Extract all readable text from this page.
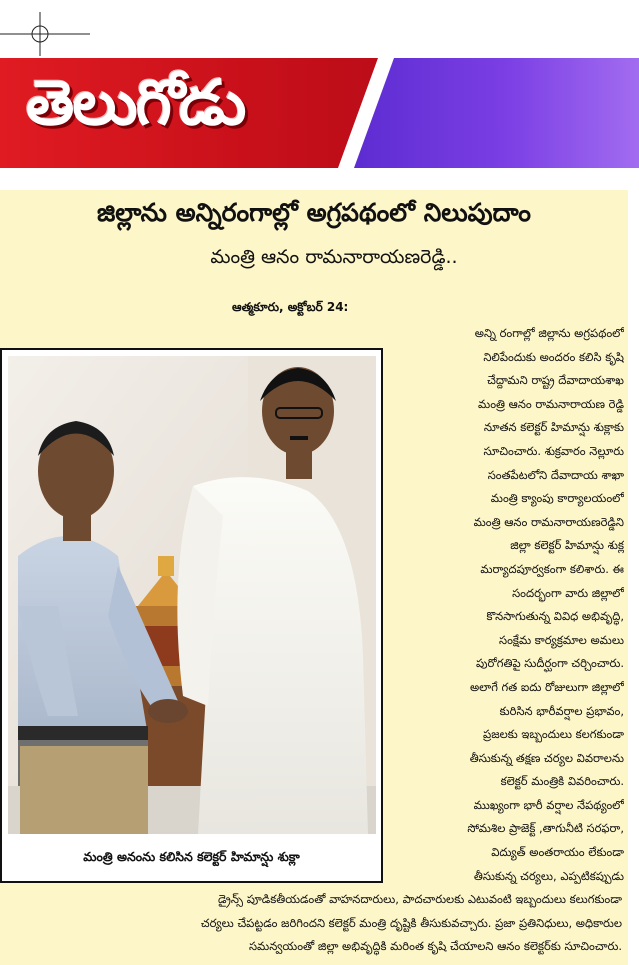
తెలుగోడు
జిల్లాను అన్నిరంగాల్లో అగ్రపథంలో నిలుపుదాం
మంత్రి ఆనం రామనారాయణరెడ్డి..
ఆత్మకూరు, అక్టోబర్ 24:
మంత్రి అనంను కలిసిన కలెక్టర్ హిమాన్షు శుక్లా
అన్ని రంగాల్లో జిల్లాను అగ్రపథంలో
నిలిపేందుకు అందరం కలిసి కృషి
చేద్దామని రాష్ట్ర దేవాదాయశాఖ
మంత్రి ఆనం రామనారాయణ రెడ్డి
నూతన కలెక్టర్ హిమాన్షు శుక్లాకు
సూచించారు. శుక్రవారం నెల్లూరు
సంతపేటలోని దేవాదాయ శాఖా
మంత్రి క్యాంపు కార్యాలయంలో
మంత్రి ఆనం రామనారాయణరెడ్డిని
జిల్లా కలెక్టర్ హిమాన్షు శుక్ల
మర్యాదపూర్వకంగా కలిశారు. ఈ
సందర్భంగా వారు జిల్లాలో
కొనసాగుతున్న వివిధ అభివృద్ధి,
సంక్షేమ కార్యక్రమాల అమలు
పురోగతిపై సుదీర్ఘంగా చర్చించారు.
అలాగే గత ఐదు రోజులుగా జిల్లాలో
కురిసిన భారీవర్షాల ప్రభావం,
ప్రజలకు ఇబ్బందులు కలగకుండా
తీసుకున్న తక్షణ చర్యల వివరాలను
కలెక్టర్ మంత్రికి వివరించారు.
ముఖ్యంగా భారీ వర్షాల నేపథ్యంలో
సోమశిల ప్రాజెక్ట్ ,తాగునీటి సరఫరా,
విద్యుత్ అంతరాయం లేకుండా
తీసుకున్న చర్యలు, ఎప్పటికప్పుడు
డ్రైన్స్ పూడికతీయడంతో వాహనదారులు, పాదచారులకు ఎటువంటి ఇబ్బందులు కలుగకుండా
చర్యలు చేపట్టడం జరిగిందని కలెక్టర్ మంత్రి దృష్టికి తీసుకువచ్చారు. ప్రజా ప్రతినిధులు, అధికారుల
సమన్వయంతో జిల్లా అభివృద్ధికి మరింత కృషి చేయాలని ఆనం కలెక్టర్‌కు సూచించారు.
